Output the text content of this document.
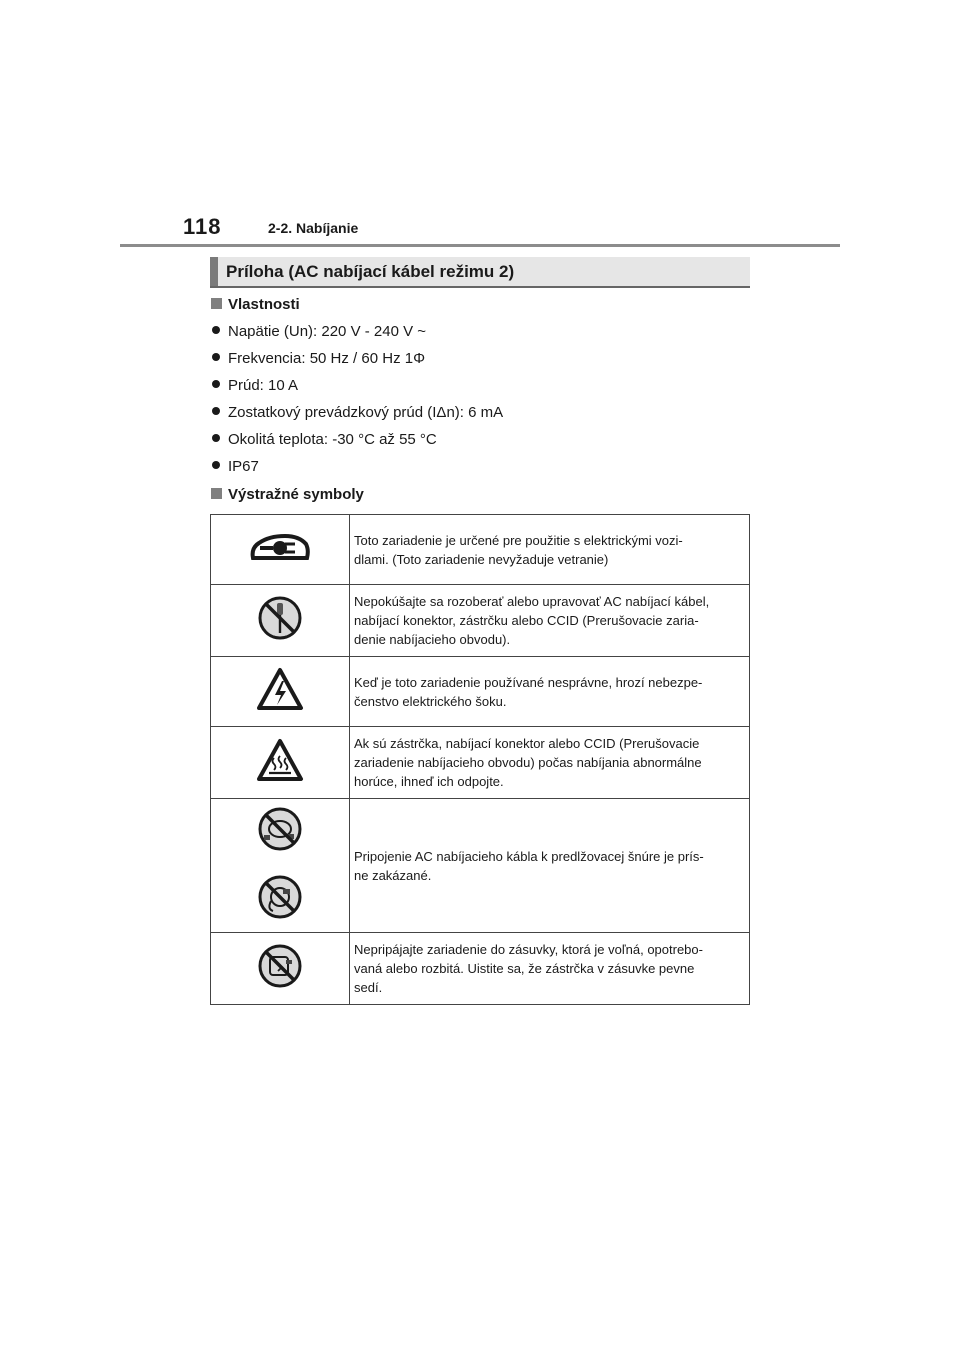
118	2-2. Nabíjanie
Príloha (AC nabíjací kábel režimu 2)
Vlastnosti
Napätie (Un): 220 V - 240 V ~
Frekvencia: 50 Hz / 60 Hz 1Φ
Prúd: 10 A
Zostatkový prevádzkový prúd (IΔn): 6 mA
Okolitá teplota: -30 °C až 55 °C
IP67
Výstražné symboly

Toto zariadenie je určené pre použitie s elektrickými vozi-
dlami. (Toto zariadenie nevyžaduje vetranie)

Nepokúšajte sa rozoberať alebo upravovať AC nabíjací kábel,
nabíjací konektor, zástrčku alebo CCID (Prerušovacie zaria-
denie nabíjacieho obvodu).

Keď je toto zariadenie používané nesprávne, hrozí nebezpe-
čenstvo elektrického šoku.

Ak sú zástrčka, nabíjací konektor alebo CCID (Prerušovacie
zariadenie nabíjacieho obvodu) počas nabíjania abnormálne
horúce, ihneď ich odpojte.

Pripojenie AC nabíjacieho kábla k predlžovacej šnúre je prís-
ne zakázané.

Nepripájajte zariadenie do zásuvky, ktorá je voľná, opotrebo-
vaná alebo rozbitá. Uistite sa, že zástrčka v zásuvke pevne
sedí.
